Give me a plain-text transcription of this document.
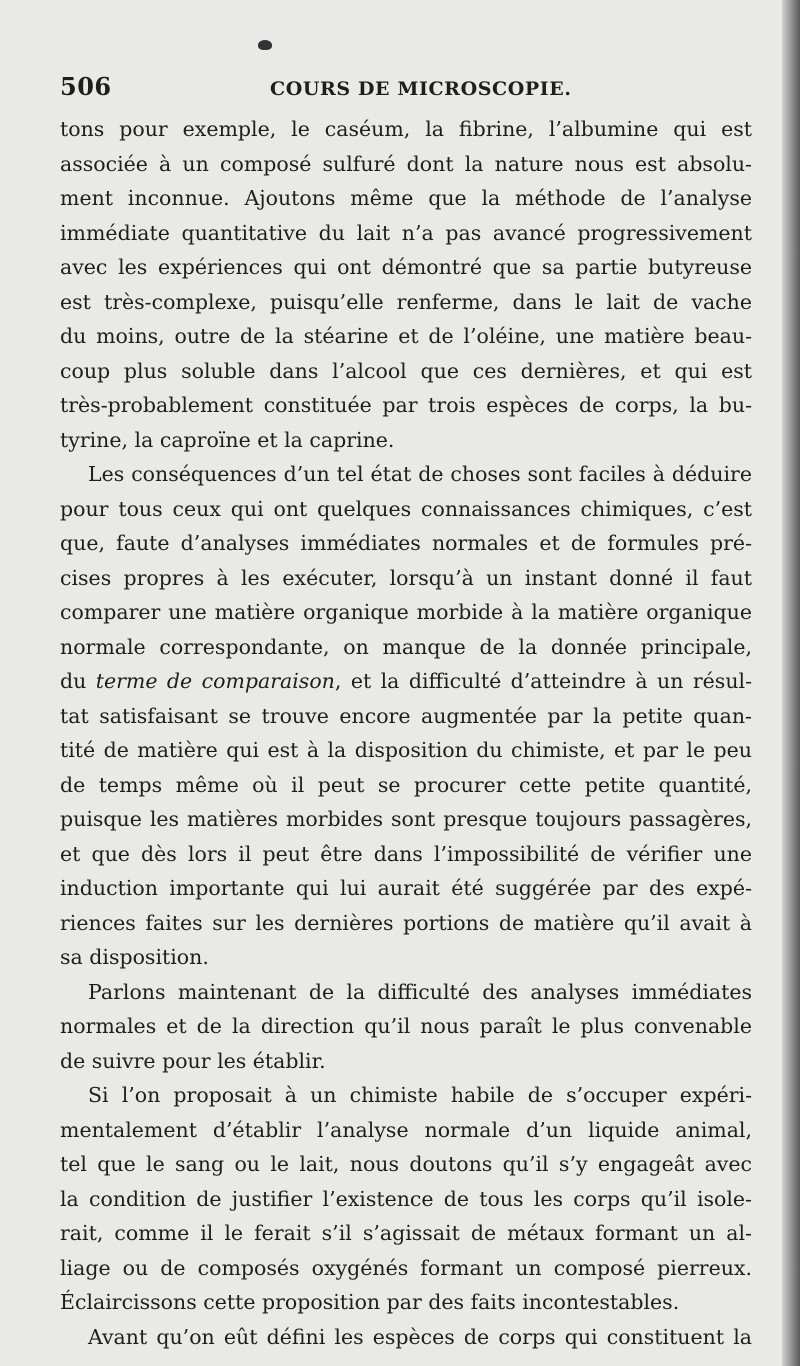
506	COURS DE MICROSCOPIE.
tons pour exemple, le caséum, la fibrine, l’albumine qui est
associée à un composé sulfuré dont la nature nous est absolu-
ment inconnue. Ajoutons même que la méthode de l’analyse
immédiate quantitative du lait n’a pas avancé progressivement
avec les expériences qui ont démontré que sa partie butyreuse
est très-complexe, puisqu’elle renferme, dans le lait de vache
du moins, outre de la stéarine et de l’oléine, une matière beau-
coup plus soluble dans l’alcool que ces dernières, et qui est
très-probablement constituée par trois espèces de corps, la bu-
tyrine, la caproïne et la caprine.
Les conséquences d’un tel état de choses sont faciles à déduire
pour tous ceux qui ont quelques connaissances chimiques, c’est
que, faute d’analyses immédiates normales et de formules pré-
cises propres à les exécuter, lorsqu’à un instant donné il faut
comparer une matière organique morbide à la matière organique
normale correspondante, on manque de la donnée principale,
du terme de comparaison, et la difficulté d’atteindre à un résul-
tat satisfaisant se trouve encore augmentée par la petite quan-
tité de matière qui est à la disposition du chimiste, et par le peu
de temps même où il peut se procurer cette petite quantité,
puisque les matières morbides sont presque toujours passagères,
et que dès lors il peut être dans l’impossibilité de vérifier une
induction importante qui lui aurait été suggérée par des expé-
riences faites sur les dernières portions de matière qu’il avait à
sa disposition.
Parlons maintenant de la difficulté des analyses immédiates
normales et de la direction qu’il nous paraît le plus convenable
de suivre pour les établir.
Si l’on proposait à un chimiste habile de s’occuper expéri-
mentalement d’établir l’analyse normale d’un liquide animal,
tel que le sang ou le lait, nous doutons qu’il s’y engageât avec
la condition de justifier l’existence de tous les corps qu’il isole-
rait, comme il le ferait s’il s’agissait de métaux formant un al-
liage ou de composés oxygénés formant un composé pierreux.
Éclaircissons cette proposition par des faits incontestables.
Avant qu’on eût défini les espèces de corps qui constituent la
